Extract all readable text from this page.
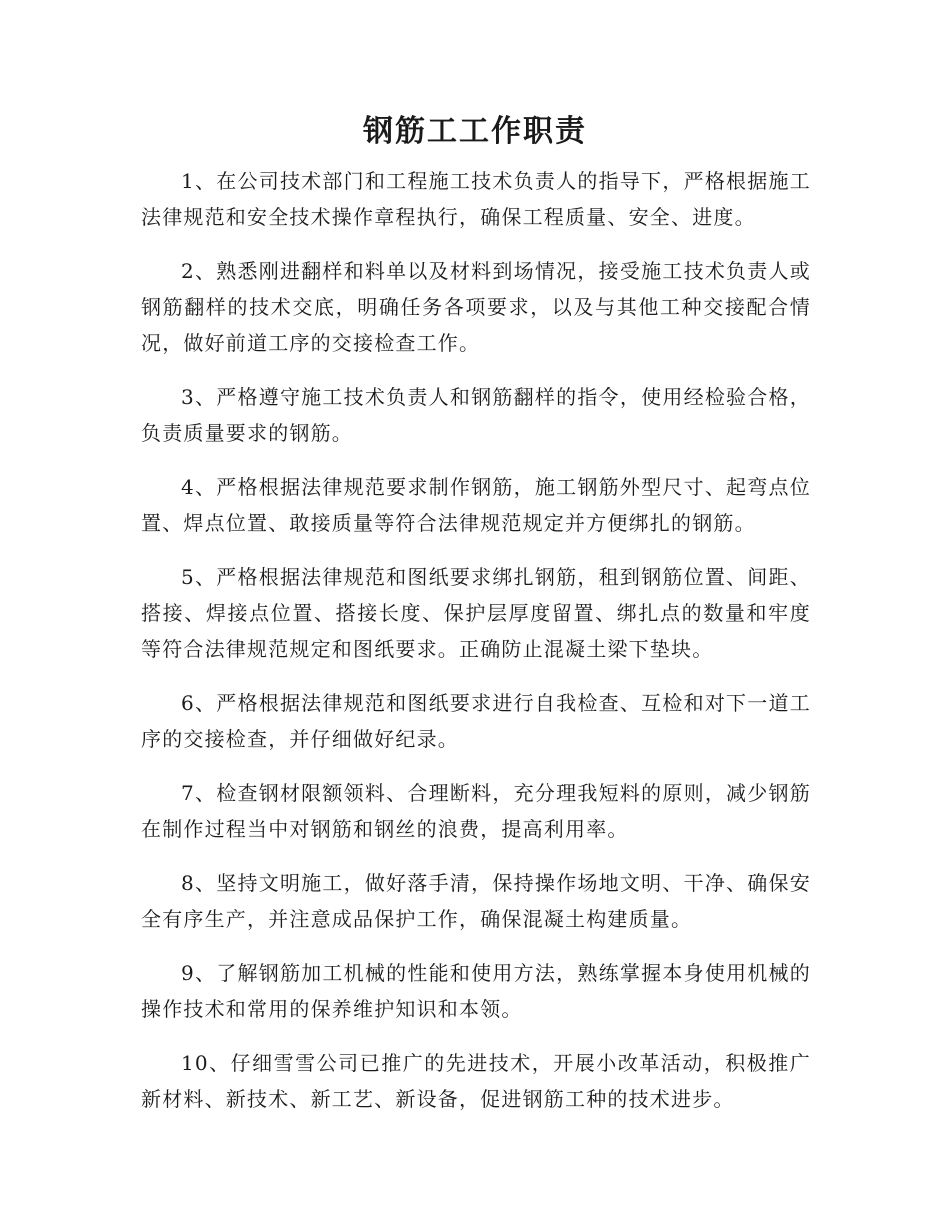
钢筋工工作职责

1、在公司技术部门和工程施工技术负责人的指导下，严格根据施工法律规范和安全技术操作章程执行，确保工程质量、安全、进度。

2、熟悉刚进翻样和料单以及材料到场情况，接受施工技术负责人或钢筋翻样的技术交底，明确任务各项要求，以及与其他工种交接配合情况，做好前道工序的交接检查工作。

3、严格遵守施工技术负责人和钢筋翻样的指令，使用经检验合格，负责质量要求的钢筋。

4、严格根据法律规范要求制作钢筋，施工钢筋外型尺寸、起弯点位置、焊点位置、敢接质量等符合法律规范规定并方便绑扎的钢筋。

5、严格根据法律规范和图纸要求绑扎钢筋，租到钢筋位置、间距、搭接、焊接点位置、搭接长度、保护层厚度留置、绑扎点的数量和牢度等符合法律规范规定和图纸要求。正确防止混凝土梁下垫块。

6、严格根据法律规范和图纸要求进行自我检查、互检和对下一道工序的交接检查，并仔细做好纪录。

7、检查钢材限额领料、合理断料，充分理我短料的原则，减少钢筋在制作过程当中对钢筋和钢丝的浪费，提高利用率。

8、坚持文明施工，做好落手清，保持操作场地文明、干净、确保安全有序生产，并注意成品保护工作，确保混凝土构建质量。

9、了解钢筋加工机械的性能和使用方法，熟练掌握本身使用机械的操作技术和常用的保养维护知识和本领。

10、仔细雪雪公司已推广的先进技术，开展小改革活动，积极推广新材料、新技术、新工艺、新设备，促进钢筋工种的技术进步。
